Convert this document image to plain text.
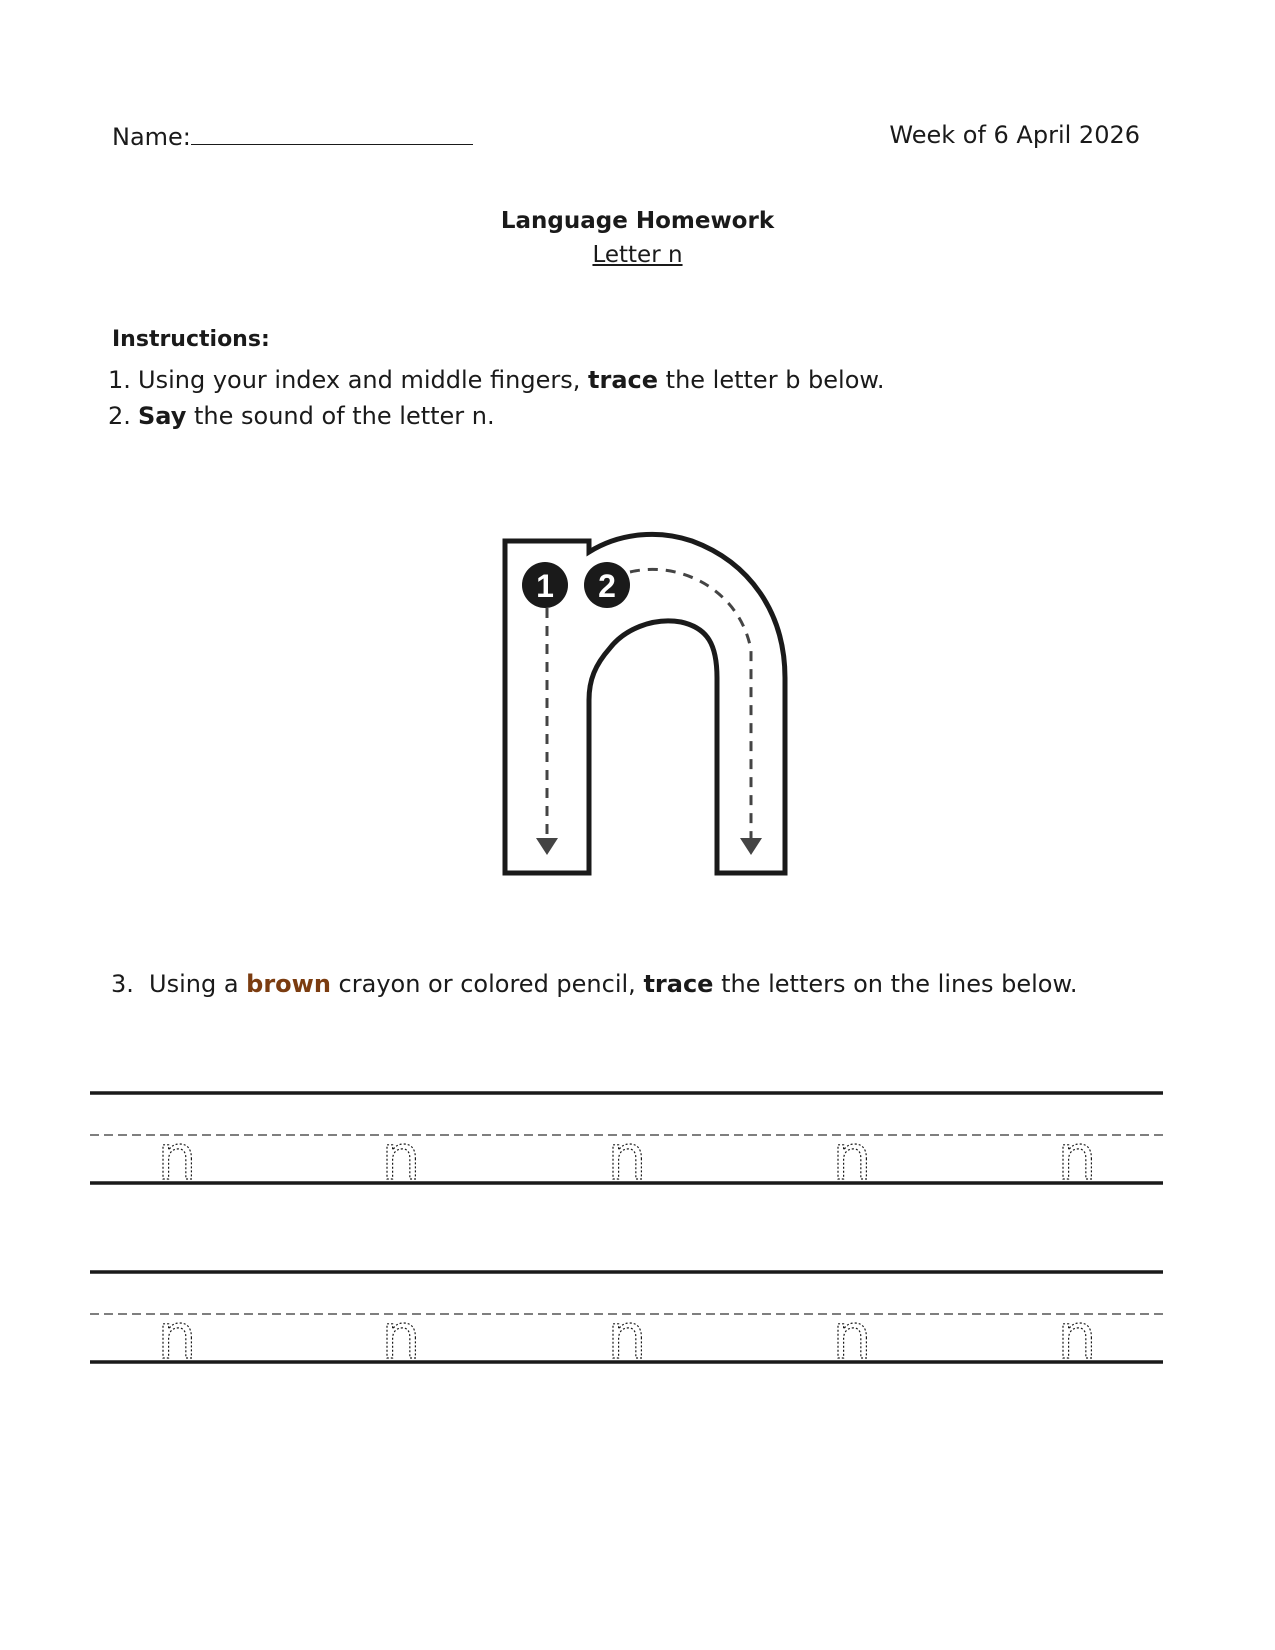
Name:	Week of 6 April 2026
Language Homework
Letter n
Instructions:
1. Using your index and middle fingers, trace the letter b below.
2. Say the sound of the letter n.
1 2
3. Using a brown crayon or colored pencil, trace the letters on the lines below.
n	n	n	n	n
n	n	n	n	n
